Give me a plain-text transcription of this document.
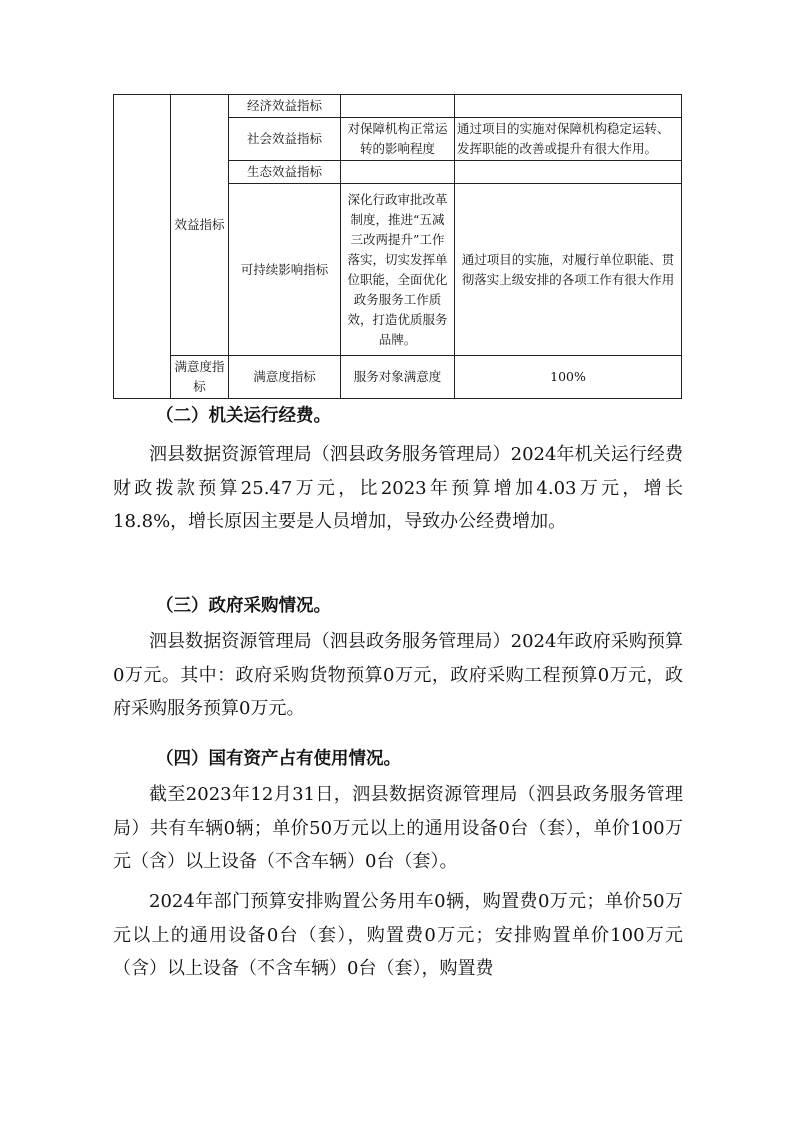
	效益指标	经济效益指标		
		社会效益指标	对保障机构正常运转的影响程度	通过项目的实施对保障机构稳定运转、发挥职能的改善或提升有很大作用。
		生态效益指标		
		可持续影响指标	深化行政审批改革制度，推进“五减三改两提升”工作落实，切实发挥单位职能，全面优化政务服务工作质效，打造优质服务品牌。	通过项目的实施，对履行单位职能、贯彻落实上级安排的各项工作有很大作用

	满意度指标	满意度指标	服务对象满意度	100%
（二）机关运行经费。
泗县数据资源管理局（泗县政务服务管理局）2024年机关运行经费财政拨款预算25.47万元，比2023年预算增加4.03万元，增长18.8%，增长原因主要是人员增加，导致办公经费增加。
（三）政府采购情况。
泗县数据资源管理局（泗县政务服务管理局）2024年政府采购预算0万元。其中：政府采购货物预算0万元，政府采购工程预算0万元，政府采购服务预算0万元。
（四）国有资产占有使用情况。
截至2023年12月31日，泗县数据资源管理局（泗县政务服务管理局）共有车辆0辆；单价50万元以上的通用设备0台（套），单价100万元（含）以上设备（不含车辆）0台（套）。
2024年部门预算安排购置公务用车0辆，购置费0万元；单价50万元以上的通用设备0台（套），购置费0万元；安排购置单价100万元（含）以上设备（不含车辆）0台（套），购置费
